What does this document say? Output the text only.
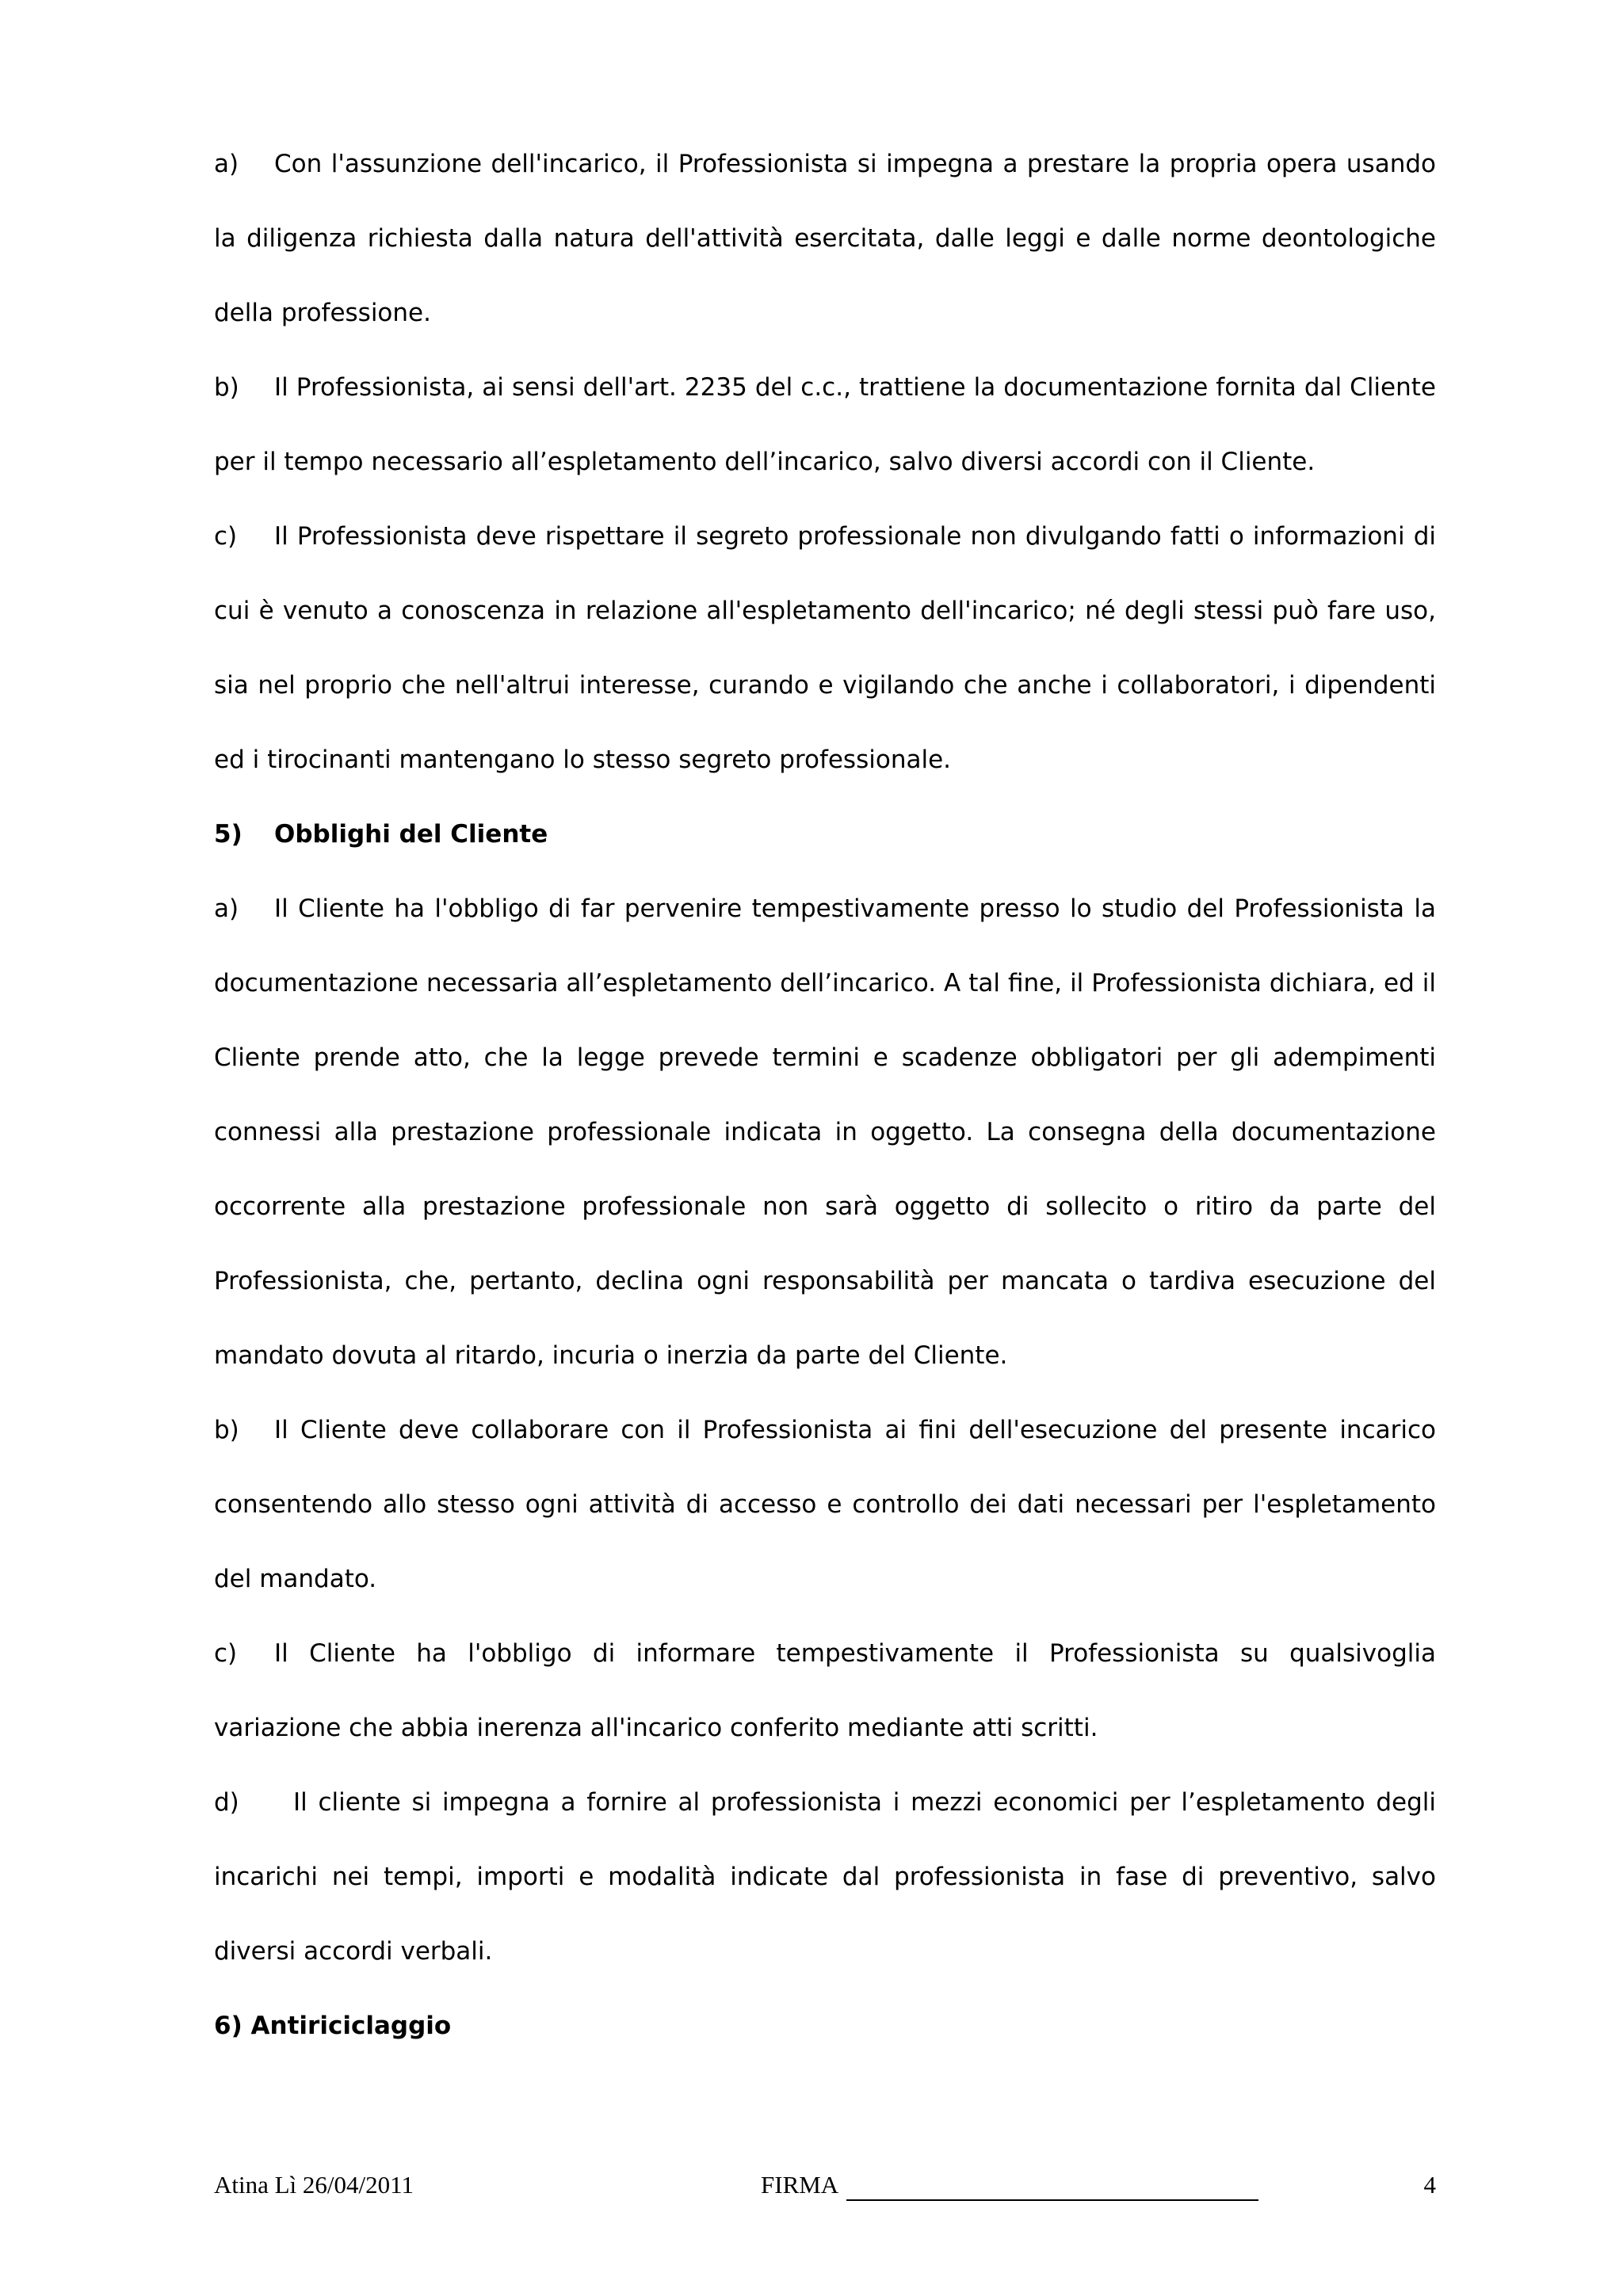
a) Con l'assunzione dell'incarico, il Professionista si impegna a prestare la propria opera usando la diligenza richiesta dalla natura dell'attività esercitata, dalle leggi e dalle norme deontologiche della professione.

b) Il Professionista, ai sensi dell'art. 2235 del c.c., trattiene la documentazione fornita dal Cliente per il tempo necessario all’espletamento dell’incarico, salvo diversi accordi con il Cliente.

c) Il Professionista deve rispettare il segreto professionale non divulgando fatti o informazioni di cui è venuto a conoscenza in relazione all'espletamento dell'incarico; né degli stessi può fare uso, sia nel proprio che nell'altrui interesse, curando e vigilando che anche i collaboratori, i dipendenti ed i tirocinanti mantengano lo stesso segreto professionale.

5) Obblighi del Cliente

a) Il Cliente ha l'obbligo di far pervenire tempestivamente presso lo studio del Professionista la documentazione necessaria all’espletamento dell’incarico. A tal fine, il Professionista dichiara, ed il Cliente prende atto, che la legge prevede termini e scadenze obbligatori per gli adempimenti connessi alla prestazione professionale indicata in oggetto. La consegna della documentazione occorrente alla prestazione professionale non sarà oggetto di sollecito o ritiro da parte del Professionista, che, pertanto, declina ogni responsabilità per mancata o tardiva esecuzione del mandato dovuta al ritardo, incuria o inerzia da parte del Cliente.

b) Il Cliente deve collaborare con il Professionista ai fini dell'esecuzione del presente incarico consentendo allo stesso ogni attività di accesso e controllo dei dati necessari per l'espletamento del mandato.

c) Il Cliente ha l'obbligo di informare tempestivamente il Professionista su qualsivoglia variazione che abbia inerenza all'incarico conferito mediante atti scritti.

d) Il cliente si impegna a fornire al professionista i mezzi economici per l’espletamento degli incarichi nei tempi, importi e modalità indicate dal professionista in fase di preventivo, salvo diversi accordi verbali.

6) Antiriciclaggio

Atina Lì 26/04/2011	FIRMA	4
